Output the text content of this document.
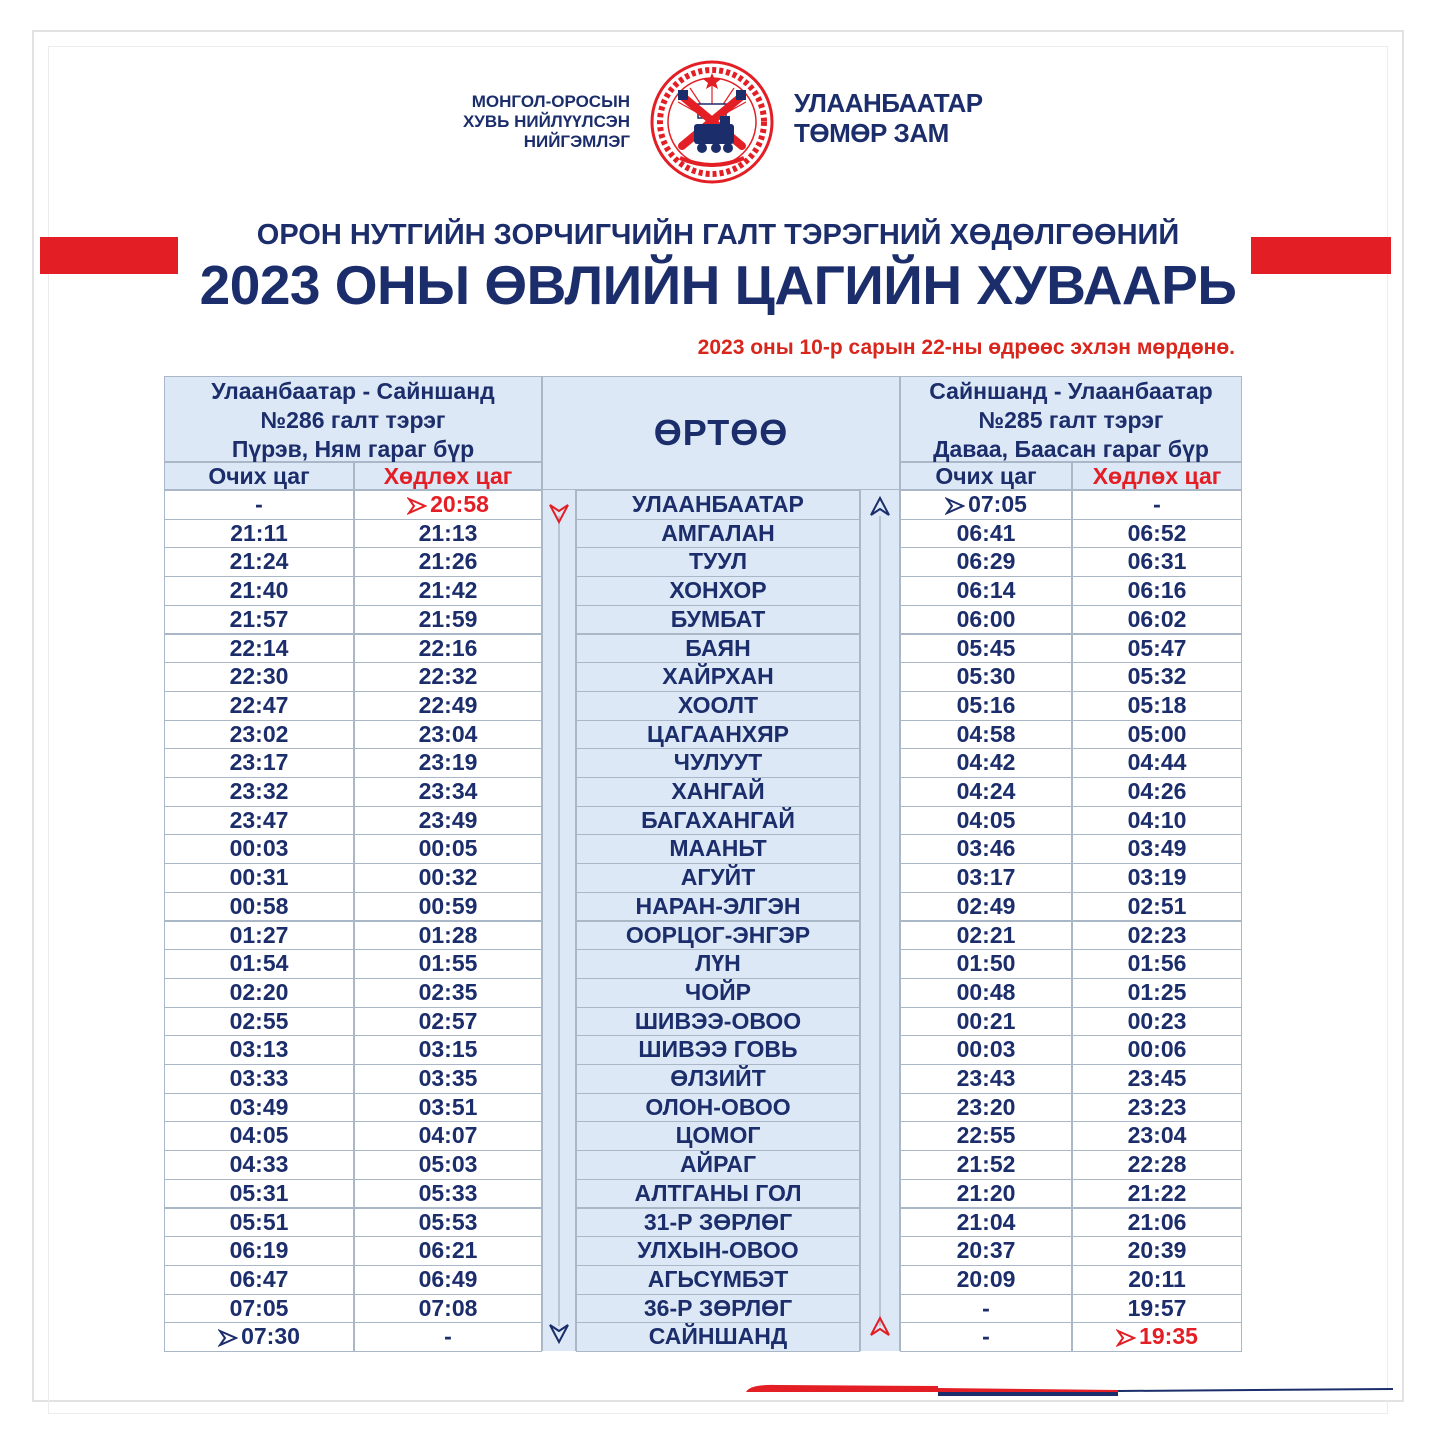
МОНГОЛ-ОРОСЫН
ХУВЬ НИЙЛҮҮЛСЭН
НИЙГЭМЛЭГ
УЛААНБААТАР
ТӨМӨР ЗАМ
ОРОН НУТГИЙН ЗОРЧИГЧИЙН ГАЛТ ТЭРЭГНИЙ ХӨДӨЛГӨӨНИЙ
2023 ОНЫ ӨВЛИЙН ЦАГИЙН ХУВААРЬ
2023 оны 10-р сарын 22-ны өдрөөс эхлэн мөрдөнө.
Улаанбаатар - Сайншанд
№286 галт тэрэг
Пүрэв, Ням гараг бүр	ӨРТӨӨ
Сайншанд - Улаанбаатар
№285 галт тэрэг
Даваа, Баасан гараг бүр
Очих цаг	Хөдлөх цаг	Очих цаг	Хөдлөх цаг
-	20:58	УЛААНБААТАР	07:05	-
21:11	21:13	АМГАЛАН	06:41	06:52
21:24	21:26	ТУУЛ	06:29	06:31
21:40	21:42	ХОНХОР	06:14	06:16
21:57	21:59	БУМБАТ	06:00	06:02
22:14	22:16	БАЯН	05:45	05:47
22:30	22:32	ХАЙРХАН	05:30	05:32
22:47	22:49	ХООЛТ	05:16	05:18
23:02	23:04	ЦАГААНХЯР	04:58	05:00
23:17	23:19	ЧУЛУУТ	04:42	04:44
23:32	23:34	ХАНГАЙ	04:24	04:26
23:47	23:49	БАГАХАНГАЙ	04:05	04:10
00:03	00:05	МААНЬТ	03:46	03:49
00:31	00:32	АГУЙТ	03:17	03:19
00:58	00:59	НАРАН-ЭЛГЭН	02:49	02:51
01:27	01:28	ООРЦОГ-ЭНГЭР	02:21	02:23
01:54	01:55	ЛҮН	01:50	01:56
02:20	02:35	ЧОЙР	00:48	01:25
02:55	02:57	ШИВЭЭ-ОВОО	00:21	00:23
03:13	03:15	ШИВЭЭ ГОВЬ	00:03	00:06
03:33	03:35	ӨЛЗИЙТ	23:43	23:45
03:49	03:51	ОЛОН-ОВОО	23:20	23:23
04:05	04:07	ЦОМОГ	22:55	23:04
04:33	05:03	АЙРАГ	21:52	22:28
05:31	05:33	АЛТГАНЫ ГОЛ	21:20	21:22
05:51	05:53	31-Р ЗӨРЛӨГ	21:04	21:06
06:19	06:21	УЛХЫН-ОВОО	20:37	20:39
06:47	06:49	АГЬСҮМБЭТ	20:09	20:11
07:05	07:08	36-Р ЗӨРЛӨГ	-	19:57
07:30	-	САЙНШАНД	-	19:35
